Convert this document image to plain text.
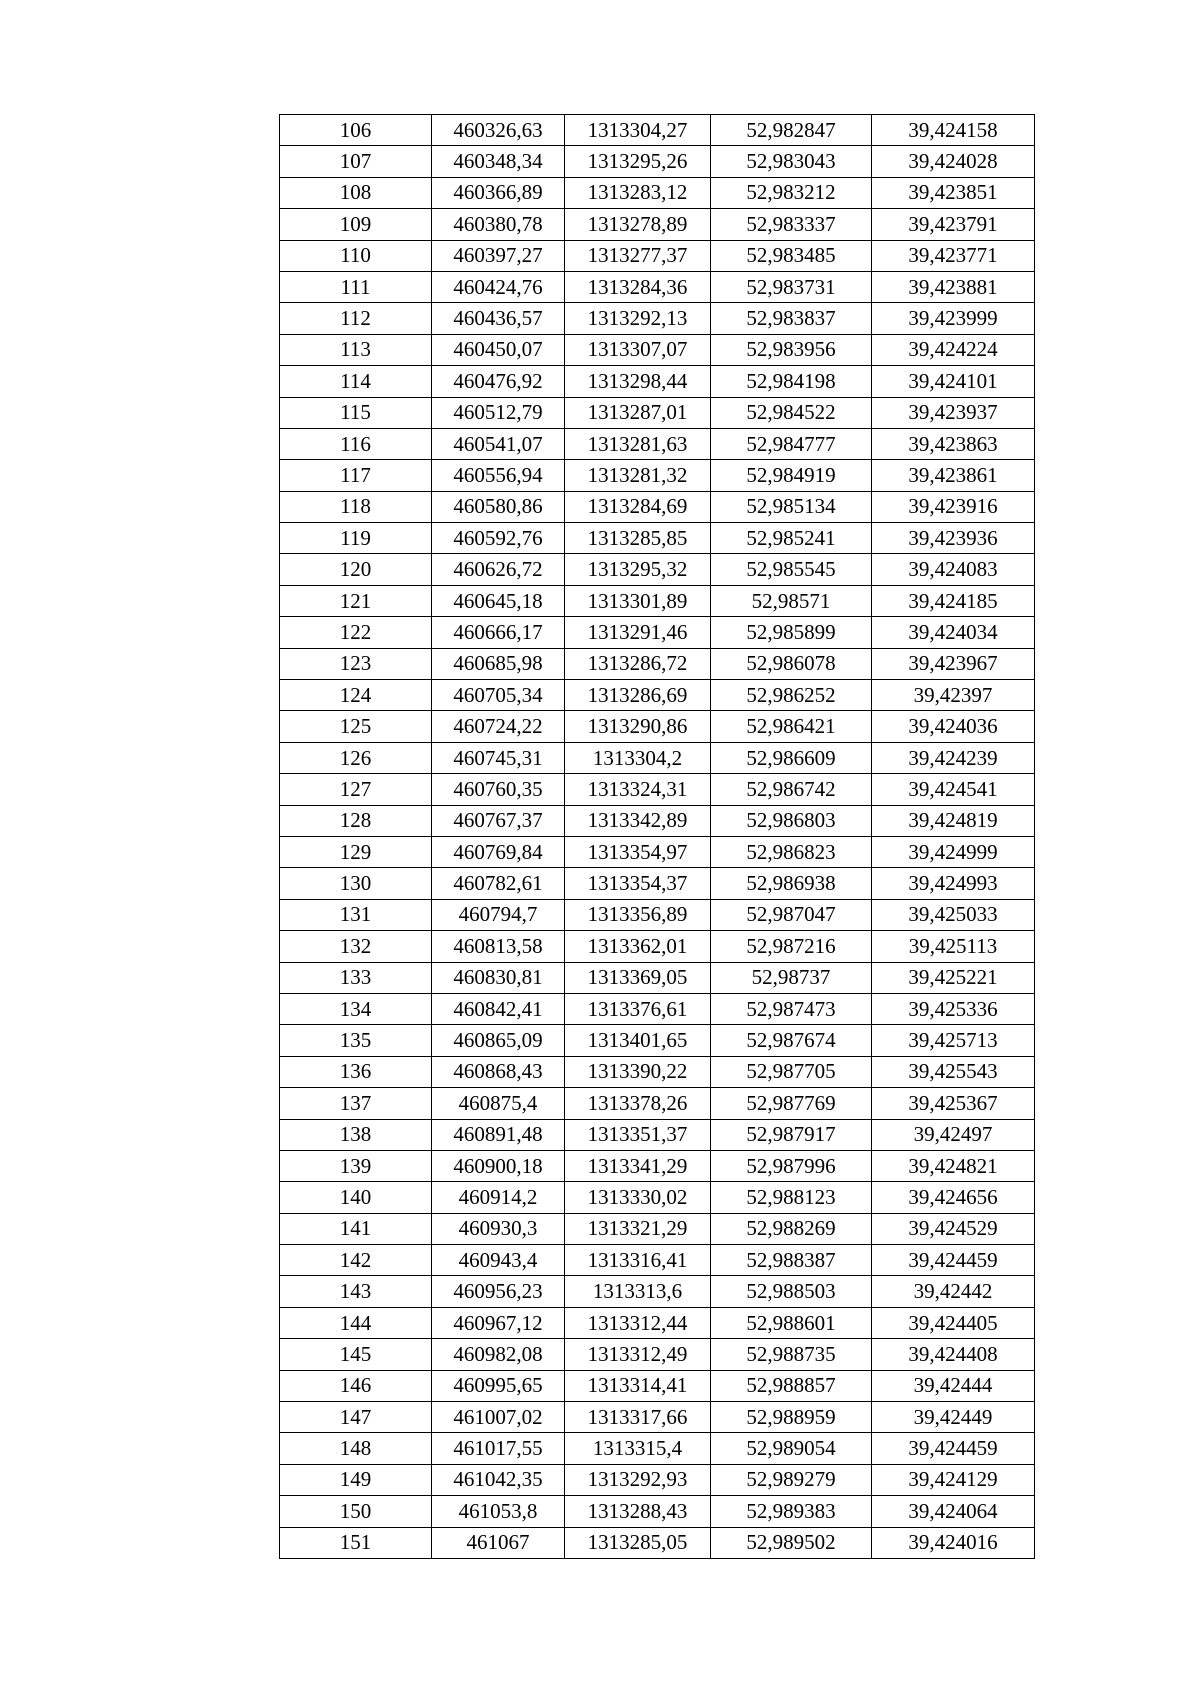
106	460326,63	1313304,27	52,982847	39,424158
107	460348,34	1313295,26	52,983043	39,424028
108	460366,89	1313283,12	52,983212	39,423851
109	460380,78	1313278,89	52,983337	39,423791
110	460397,27	1313277,37	52,983485	39,423771
111	460424,76	1313284,36	52,983731	39,423881
112	460436,57	1313292,13	52,983837	39,423999
113	460450,07	1313307,07	52,983956	39,424224
114	460476,92	1313298,44	52,984198	39,424101
115	460512,79	1313287,01	52,984522	39,423937
116	460541,07	1313281,63	52,984777	39,423863
117	460556,94	1313281,32	52,984919	39,423861
118	460580,86	1313284,69	52,985134	39,423916
119	460592,76	1313285,85	52,985241	39,423936
120	460626,72	1313295,32	52,985545	39,424083
121	460645,18	1313301,89	52,98571	39,424185
122	460666,17	1313291,46	52,985899	39,424034
123	460685,98	1313286,72	52,986078	39,423967
124	460705,34	1313286,69	52,986252	39,42397
125	460724,22	1313290,86	52,986421	39,424036
126	460745,31	1313304,2	52,986609	39,424239
127	460760,35	1313324,31	52,986742	39,424541
128	460767,37	1313342,89	52,986803	39,424819
129	460769,84	1313354,97	52,986823	39,424999
130	460782,61	1313354,37	52,986938	39,424993
131	460794,7	1313356,89	52,987047	39,425033
132	460813,58	1313362,01	52,987216	39,425113
133	460830,81	1313369,05	52,98737	39,425221
134	460842,41	1313376,61	52,987473	39,425336
135	460865,09	1313401,65	52,987674	39,425713
136	460868,43	1313390,22	52,987705	39,425543
137	460875,4	1313378,26	52,987769	39,425367
138	460891,48	1313351,37	52,987917	39,42497
139	460900,18	1313341,29	52,987996	39,424821
140	460914,2	1313330,02	52,988123	39,424656
141	460930,3	1313321,29	52,988269	39,424529
142	460943,4	1313316,41	52,988387	39,424459
143	460956,23	1313313,6	52,988503	39,42442
144	460967,12	1313312,44	52,988601	39,424405
145	460982,08	1313312,49	52,988735	39,424408
146	460995,65	1313314,41	52,988857	39,42444
147	461007,02	1313317,66	52,988959	39,42449
148	461017,55	1313315,4	52,989054	39,424459
149	461042,35	1313292,93	52,989279	39,424129
150	461053,8	1313288,43	52,989383	39,424064
151	461067	1313285,05	52,989502	39,424016
